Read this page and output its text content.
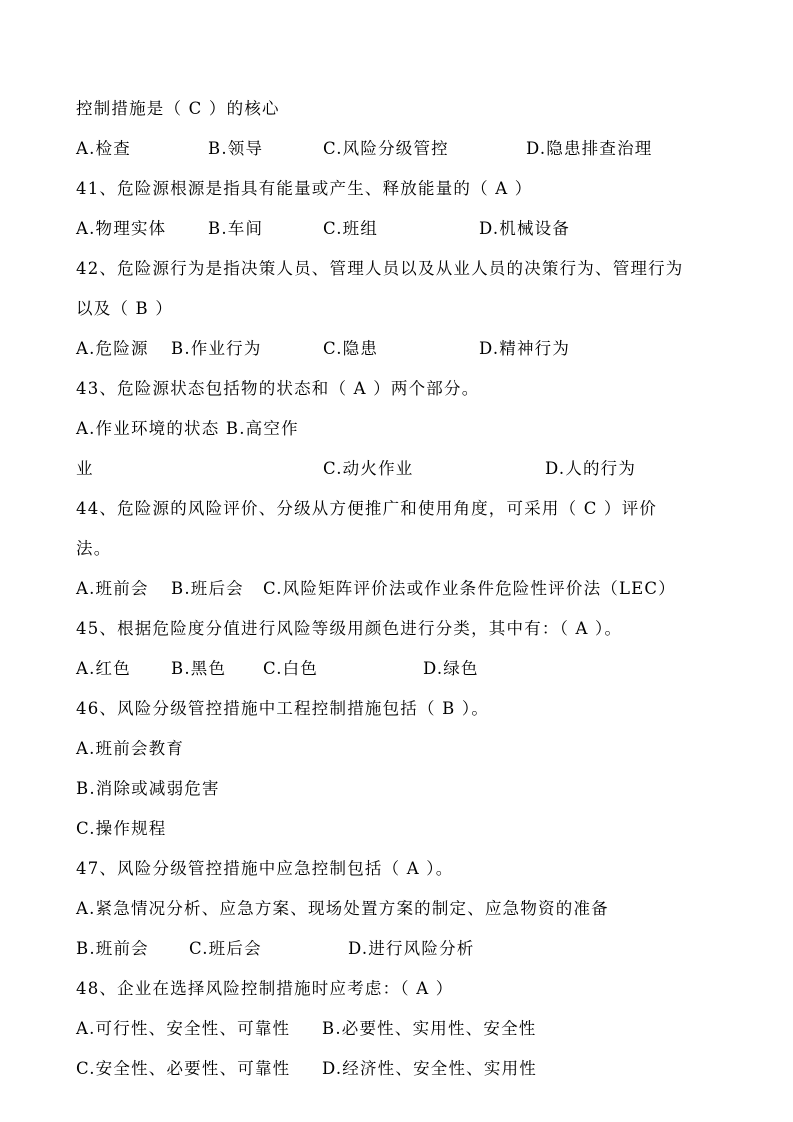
控制措施是（ C ）的核心
A.检查	B.领导	C.风险分级管控	D.隐患排查治理
41、危险源根源是指具有能量或产生、释放能量的（ A ）
A.物理实体	B.车间	C.班组	D.机械设备
42、危险源行为是指决策人员、管理人员以及从业人员的决策行为、管理行为
以及（ B ）
A.危险源 B.作业行为	C.隐患	D.精神行为
43、危险源状态包括物的状态和（ A ）两个部分。
A.作业环境的状态 B.高空作
业	C.动火作业	D.人的行为
44、危险源的风险评价、分级从方便推广和使用角度，可采用（ C ）评价
法。
A.班前会 B.班后会 C.风险矩阵评价法或作业条件危险性评价法（LEC）
45、根据危险度分值进行风险等级用颜色进行分类，其中有：（ A ）。
A.红色 B.黑色 C.白色	D.绿色
46、风险分级管控措施中工程控制措施包括（ B ）。
A.班前会教育
B.消除或减弱危害
C.操作规程
47、风险分级管控措施中应急控制包括（ A ）。
A.紧急情况分析、应急方案、现场处置方案的制定、应急物资的准备
B.班前会 C.班后会	D.进行风险分析
48、企业在选择风险控制措施时应考虑：（ A ）
A.可行性、安全性、可靠性 B.必要性、实用性、安全性
C.安全性、必要性、可靠性 D.经济性、安全性、实用性
